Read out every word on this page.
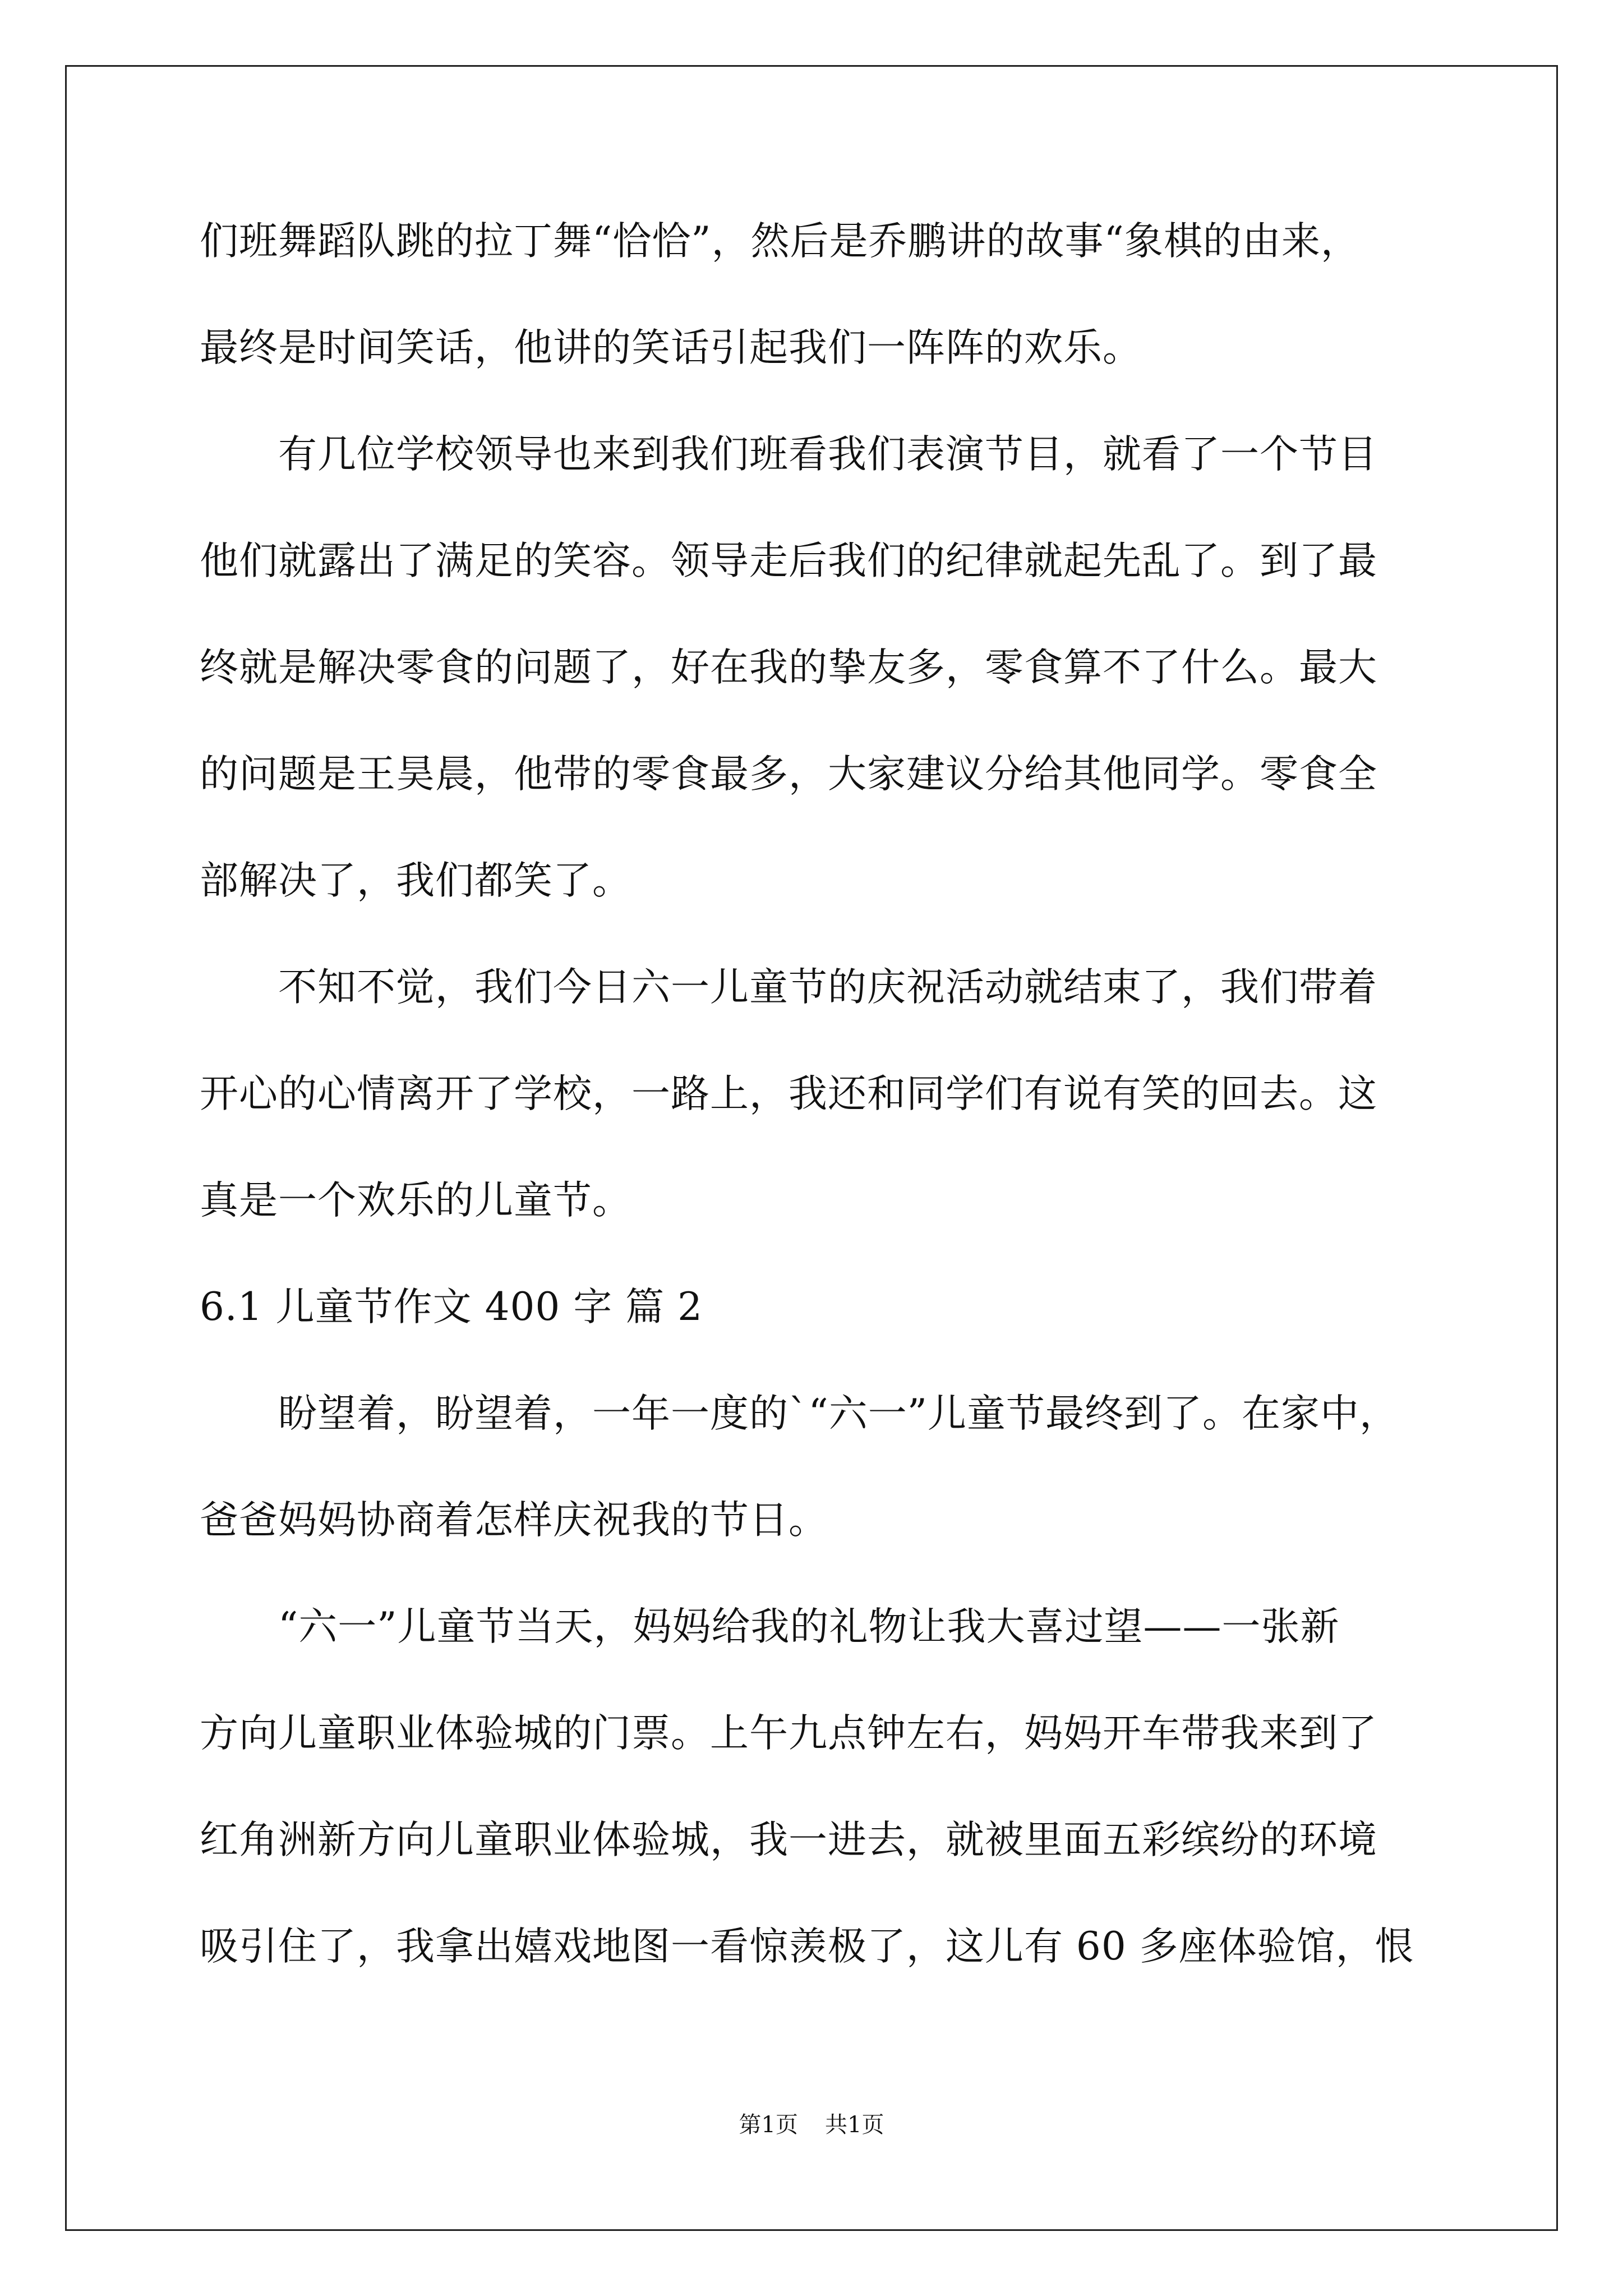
们班舞蹈队跳的拉丁舞“恰恰”，然后是乔鹏讲的故事“象棋的由来，
最终是时间笑话，他讲的笑话引起我们一阵阵的欢乐。
有几位学校领导也来到我们班看我们表演节目，就看了一个节目
他们就露出了满足的笑容。领导走后我们的纪律就起先乱了。到了最
终就是解决零食的问题了，好在我的挚友多，零食算不了什么。最大
的问题是王昊晨，他带的零食最多，大家建议分给其他同学。零食全
部解决了，我们都笑了。
不知不觉，我们今日六一儿童节的庆祝活动就结束了，我们带着
开心的心情离开了学校，一路上，我还和同学们有说有笑的回去。这
真是一个欢乐的儿童节。
6.1 儿童节作文 400 字 篇 2
盼望着，盼望着，一年一度的`“六一”儿童节最终到了。在家中，
爸爸妈妈协商着怎样庆祝我的节日。
“六一”儿童节当天，妈妈给我的礼物让我大喜过望——一张新
方向儿童职业体验城的门票。上午九点钟左右，妈妈开车带我来到了
红角洲新方向儿童职业体验城，我一进去，就被里面五彩缤纷的环境
吸引住了，我拿出嬉戏地图一看惊羡极了，这儿有 60 多座体验馆，恨
第1页 共1页
